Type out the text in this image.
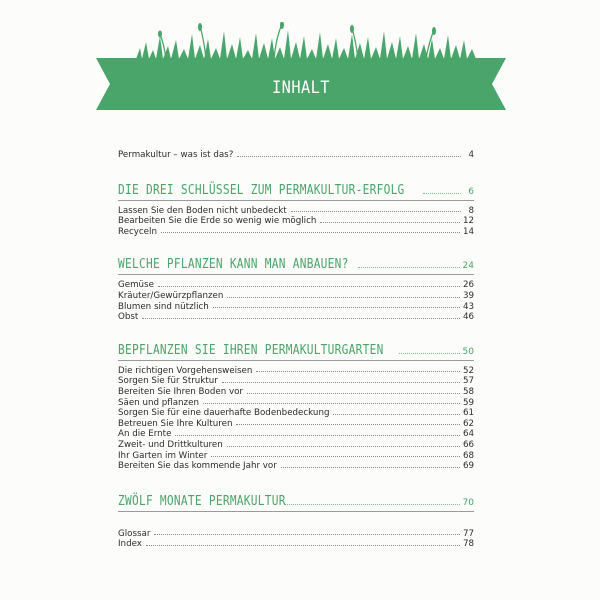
INHALT
Permakultur – was ist das?	4
DIE DREI SCHLÜSSEL ZUM PERMAKULTUR-ERFOLG	6
Lassen Sie den Boden nicht unbedeckt	8
Bearbeiten Sie die Erde so wenig wie möglich	12
Recyceln	14
WELCHE PFLANZEN KANN MAN ANBAUEN?	24
Gemüse	26
Kräuter/Gewürzpflanzen	39
Blumen sind nützlich	43
Obst	46
BEPFLANZEN SIE IHREN PERMAKULTURGARTEN	50
Die richtigen Vorgehensweisen	52
Sorgen Sie für Struktur	57
Bereiten Sie Ihren Boden vor	58
Säen und pflanzen	59
Sorgen Sie für eine dauerhafte Bodenbedeckung	61
Betreuen Sie Ihre Kulturen	62
An die Ernte	64
Zweit- und Drittkulturen	66
Ihr Garten im Winter	68
Bereiten Sie das kommende Jahr vor	69
ZWÖLF MONATE PERMAKULTUR	70
Glossar	77
Index	78
